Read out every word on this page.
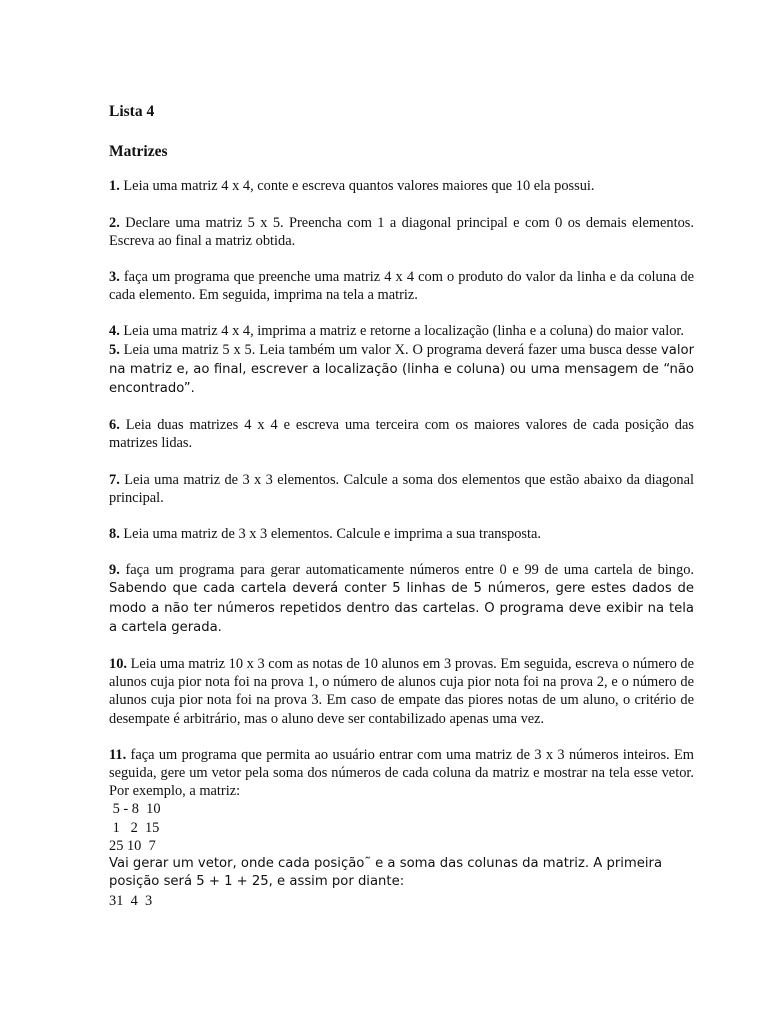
Lista 4

Matrizes

1. Leia uma matriz 4 x 4, conte e escreva quantos valores maiores que 10 ela possui.

2. Declare uma matriz 5 x 5. Preencha com 1 a diagonal principal e com 0 os demais elementos. Escreva ao final a matriz obtida.

3. faça um programa que preenche uma matriz 4 x 4 com o produto do valor da linha e da coluna de cada elemento. Em seguida, imprima na tela a matriz.

4. Leia uma matriz 4 x 4, imprima a matriz e retorne a localização (linha e a coluna) do maior valor.

5. Leia uma matriz 5 x 5. Leia também um valor X. O programa deverá fazer uma busca desse valor na matriz e, ao final, escrever a localização (linha e coluna) ou uma mensagem de “não encontrado”.

6. Leia duas matrizes 4 x 4 e escreva uma terceira com os maiores valores de cada posição das matrizes lidas.

7. Leia uma matriz de 3 x 3 elementos. Calcule a soma dos elementos que estão abaixo da diagonal principal.

8. Leia uma matriz de 3 x 3 elementos. Calcule e imprima a sua transposta.

9. faça um programa para gerar automaticamente números entre 0 e 99 de uma cartela de bingo. Sabendo que cada cartela deverá conter 5 linhas de 5 números, gere estes dados de modo a não ter números repetidos dentro das cartelas. O programa deve exibir na tela a cartela gerada.

10. Leia uma matriz 10 x 3 com as notas de 10 alunos em 3 provas. Em seguida, escreva o número de alunos cuja pior nota foi na prova 1, o número de alunos cuja pior nota foi na prova 2, e o número de alunos cuja pior nota foi na prova 3. Em caso de empate das piores notas de um aluno, o critério de desempate é arbitrário, mas o aluno deve ser contabilizado apenas uma vez.

11. faça um programa que permita ao usuário entrar com uma matriz de 3 x 3 números inteiros. Em seguida, gere um vetor pela soma dos números de cada coluna da matriz e mostrar na tela esse vetor. Por exemplo, a matriz:

5 - 8  10

1   2  15

25 10  7

Vai gerar um vetor, onde cada posição˜ e a soma das colunas da matriz. A primeira posição será 5 + 1 + 25, e assim por diante:

31  4  3
